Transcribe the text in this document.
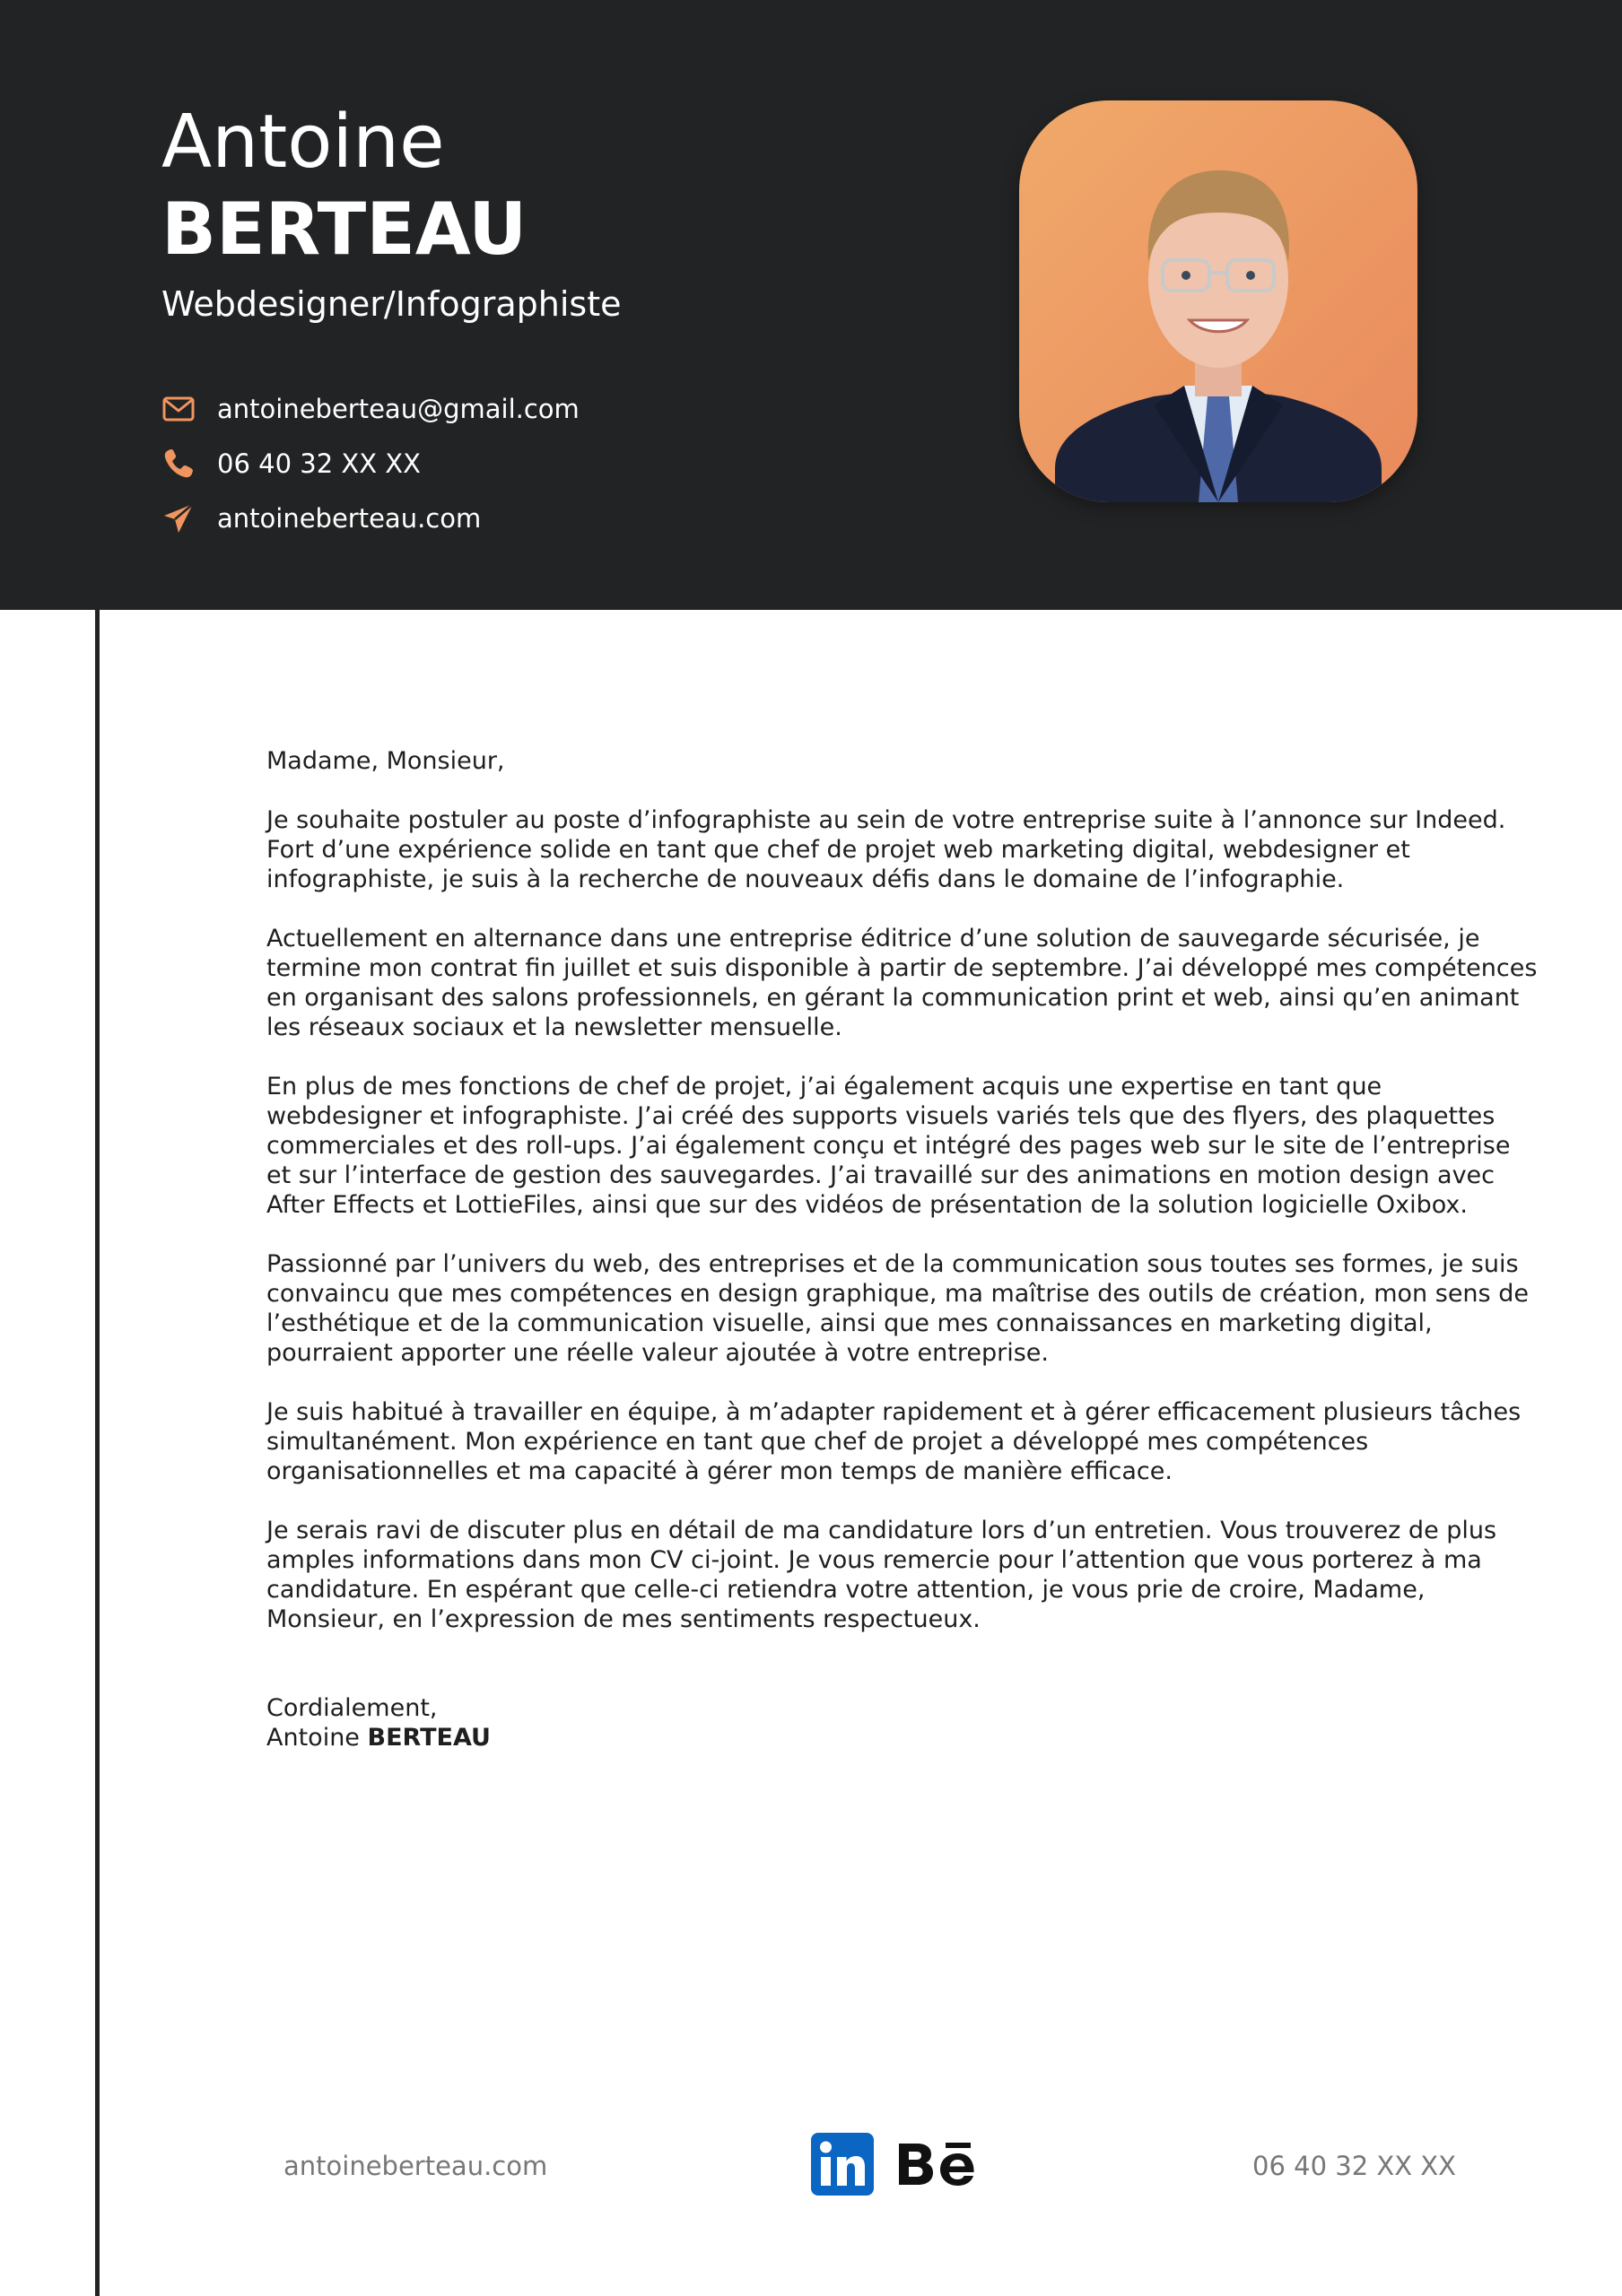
Antoine
BERTEAU
Webdesigner/Infographiste
antoineberteau@gmail.com
06 40 32 XX XX
antoineberteau.com

Madame, Monsieur,

Je souhaite postuler au poste d’infographiste au sein de votre entreprise suite à l’annonce sur Indeed. Fort d’une expérience solide en tant que chef de projet web marketing digital, webdesigner et infographiste, je suis à la recherche de nouveaux défis dans le domaine de l’infographie.

Actuellement en alternance dans une entreprise éditrice d’une solution de sauvegarde sécurisée, je termine mon contrat fin juillet et suis disponible à partir de septembre. J’ai développé mes compétences en organisant des salons professionnels, en gérant la communication print et web, ainsi qu’en animant les réseaux sociaux et la newsletter mensuelle.

En plus de mes fonctions de chef de projet, j’ai également acquis une expertise en tant que webdesigner et infographiste. J’ai créé des supports visuels variés tels que des flyers, des plaquettes commerciales et des roll-ups. J’ai également conçu et intégré des pages web sur le site de l’entreprise et sur l’interface de gestion des sauvegardes. J’ai travaillé sur des animations en motion design avec After Effects et LottieFiles, ainsi que sur des vidéos de présentation de la solution logicielle Oxibox.

Passionné par l’univers du web, des entreprises et de la communication sous toutes ses formes, je suis convaincu que mes compétences en design graphique, ma maîtrise des outils de création, mon sens de l’esthétique et de la communication visuelle, ainsi que mes connaissances en marketing digital, pourraient apporter une réelle valeur ajoutée à votre entreprise.

Je suis habitué à travailler en équipe, à m’adapter rapidement et à gérer efficacement plusieurs tâches simultanément. Mon expérience en tant que chef de projet a développé mes compétences organisationnelles et ma capacité à gérer mon temps de manière efficace.

Je serais ravi de discuter plus en détail de ma candidature lors d’un entretien. Vous trouverez de plus amples informations dans mon CV ci-joint. Je vous remercie pour l’attention que vous porterez à ma candidature. En espérant que celle-ci retiendra votre attention, je vous prie de croire, Madame, Monsieur, en l’expression de mes sentiments respectueux.

Cordialement,

Antoine BERTEAU

antoineberteau.com	06 40 32 XX XX
